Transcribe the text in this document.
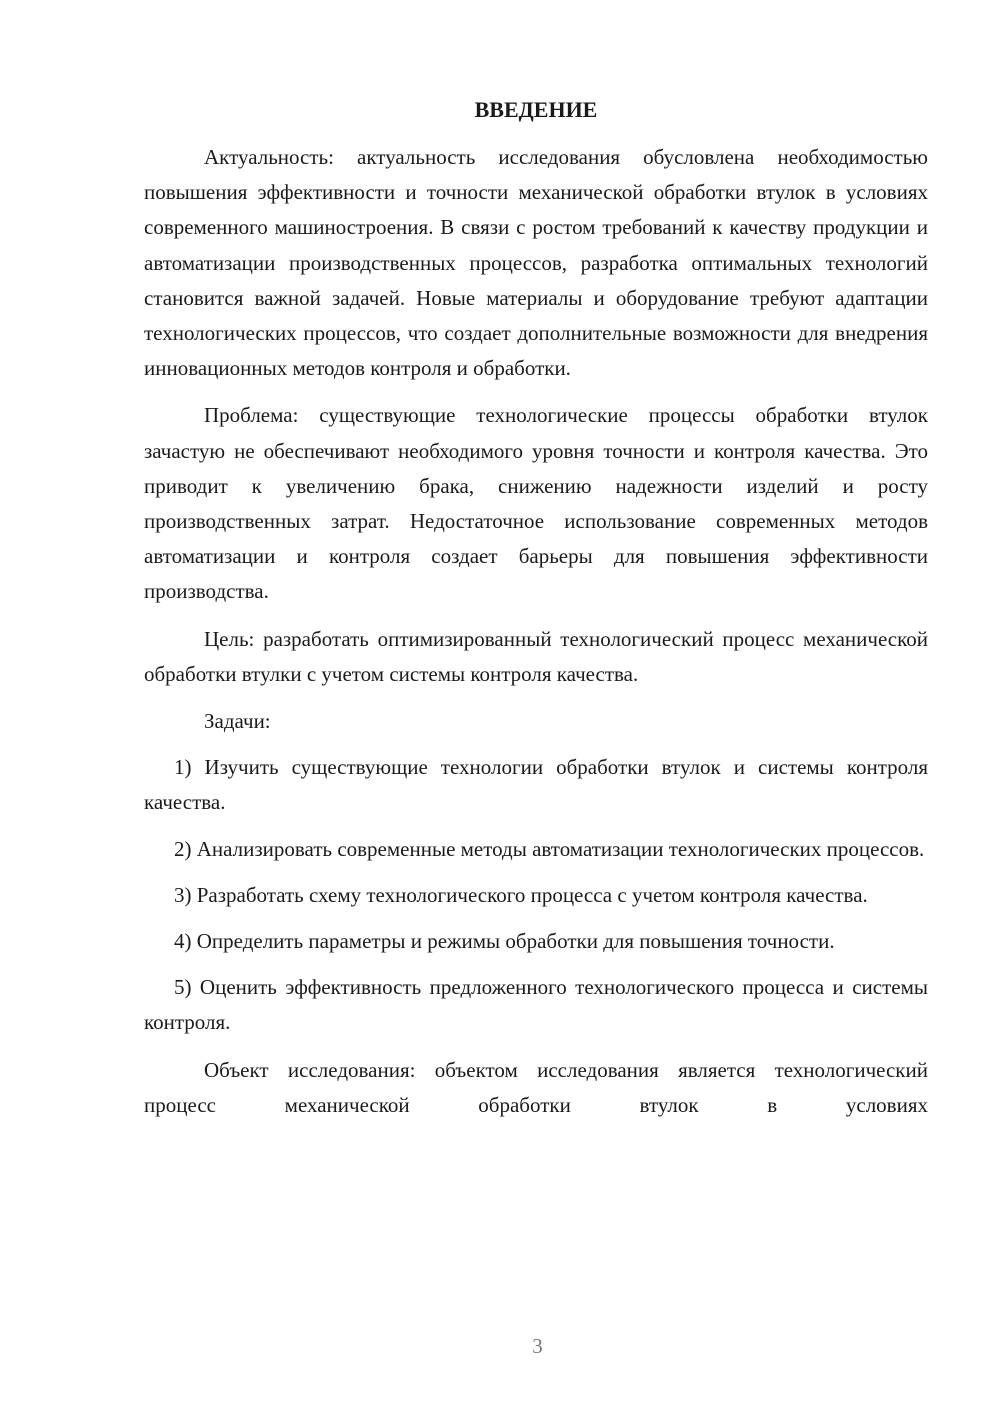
ВВЕДЕНИЕ

Актуальность: актуальность исследования обусловлена необходимостью повышения эффективности и точности механической обработки втулок в условиях современного машиностроения. В связи с ростом требований к качеству продукции и автоматизации производственных процессов, разработка оптимальных технологий становится важной задачей. Новые материалы и оборудование требуют адаптации технологических процессов, что создает дополнительные возможности для внедрения инновационных методов контроля и обработки.

Проблема: существующие технологические процессы обработки втулок зачастую не обеспечивают необходимого уровня точности и контроля качества. Это приводит к увеличению брака, снижению надежности изделий и росту производственных затрат. Недостаточное использование современных методов автоматизации и контроля создает барьеры для повышения эффективности производства.

Цель: разработать оптимизированный технологический процесс механической обработки втулки с учетом системы контроля качества.

Задачи:

1) Изучить существующие технологии обработки втулок и системы контроля качества.

2) Анализировать современные методы автоматизации технологических процессов.

3) Разработать схему технологического процесса с учетом контроля качества.

4) Определить параметры и режимы обработки для повышения точности.

5) Оценить эффективность предложенного технологического процесса и системы контроля.

Объект исследования: объектом исследования является технологический процесс механической обработки втулок в условиях

3
